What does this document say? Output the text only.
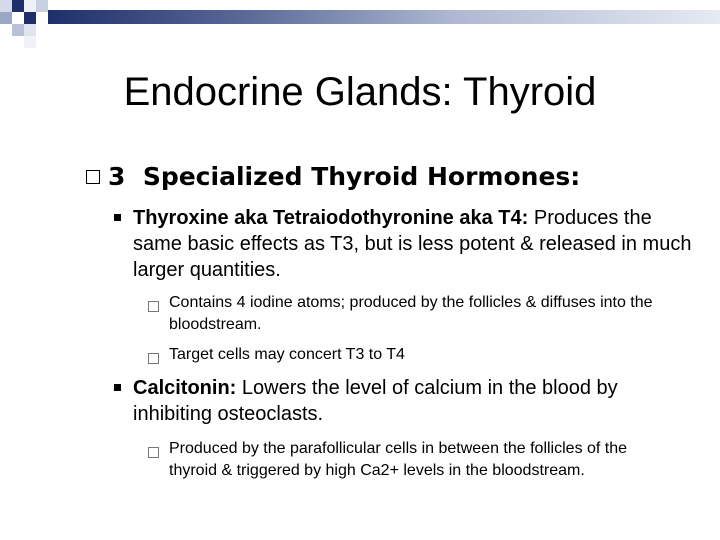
Endocrine Glands: Thyroid
3 Specialized Thyroid Hormones:
Thyroxine aka Tetraiodothyronine aka T4: Produces the same basic effects as T3, but is less potent & released in much larger quantities.
Contains 4 iodine atoms; produced by the follicles & diffuses into the bloodstream.
Target cells may concert T3 to T4
Calcitonin: Lowers the level of calcium in the blood by inhibiting osteoclasts.
Produced by the parafollicular cells in between the follicles of the thyroid & triggered by high Ca2+ levels in the bloodstream.
